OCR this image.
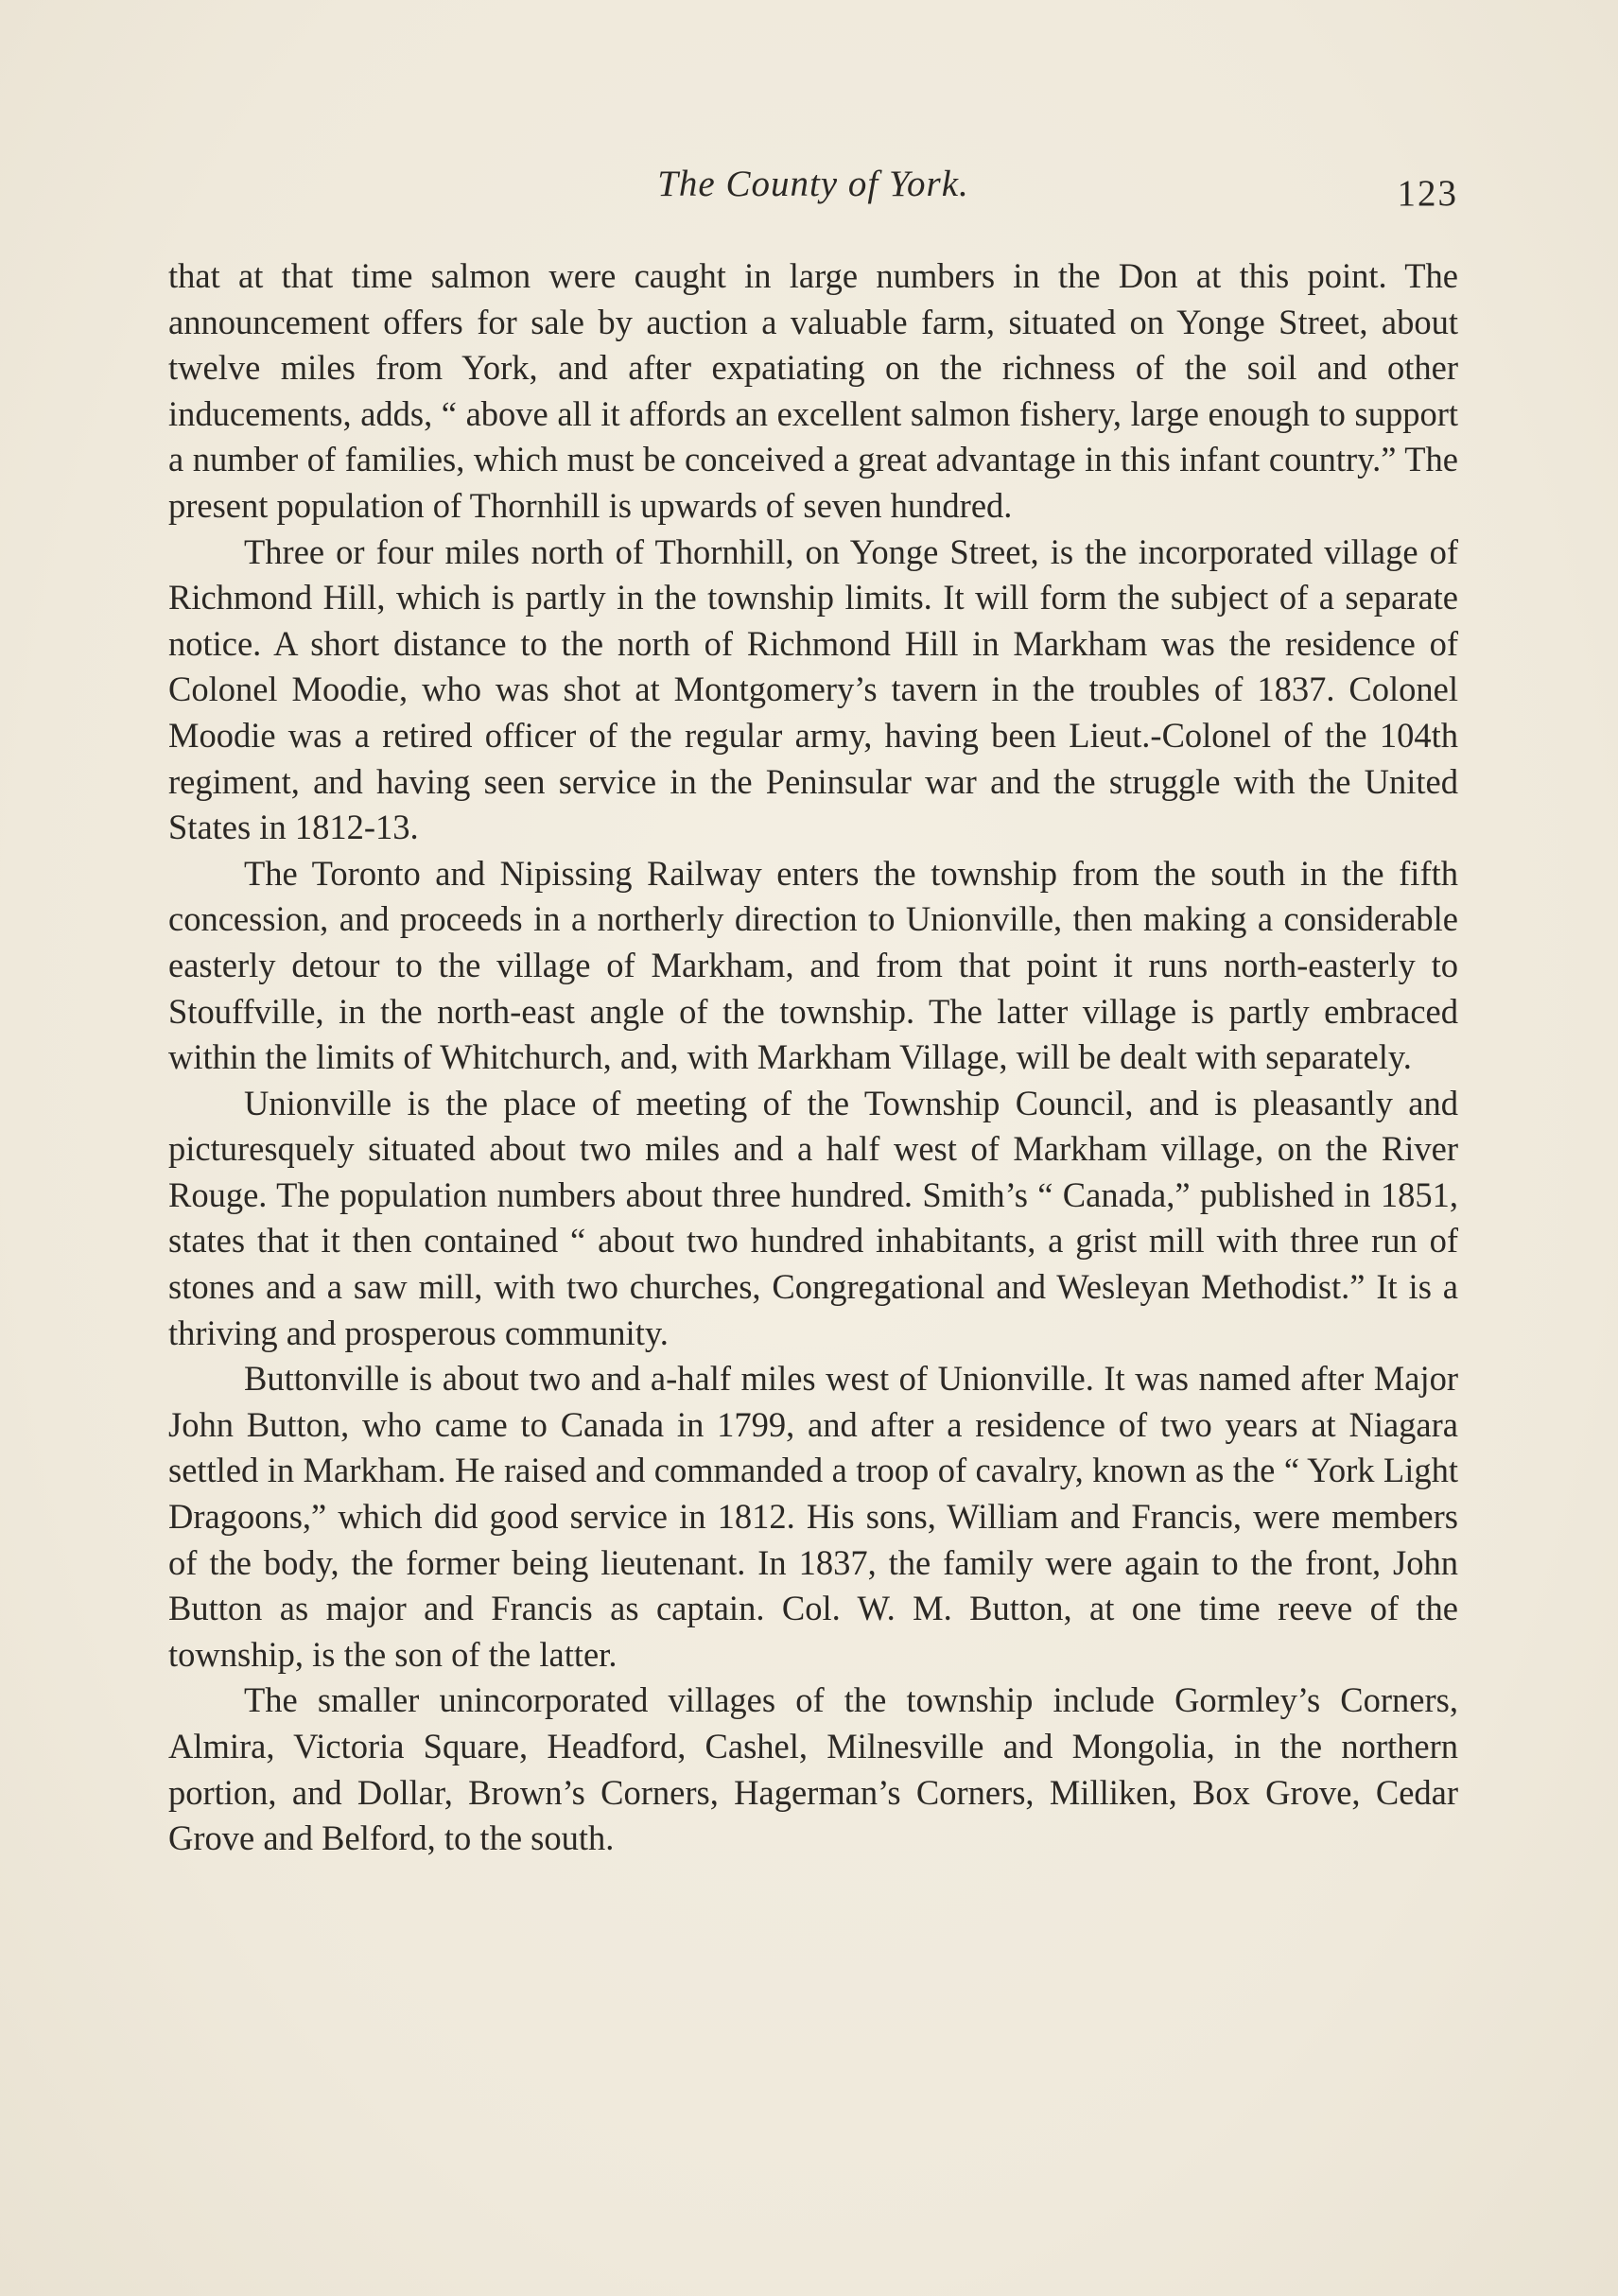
The County of York.	123

that at that time salmon were caught in large numbers in the Don at this point. The announcement offers for sale by auction a valuable farm, situated on Yonge Street, about twelve miles from York, and after expatiating on the richness of the soil and other inducements, adds, “ above all it affords an excellent salmon fishery, large enough to support a number of families, which must be conceived a great advantage in this infant country.” The present population of Thornhill is upwards of seven hundred.

Three or four miles north of Thornhill, on Yonge Street, is the incorporated village of Richmond Hill, which is partly in the township limits. It will form the subject of a separate notice. A short distance to the north of Richmond Hill in Markham was the residence of Colonel Moodie, who was shot at Montgomery’s tavern in the troubles of 1837. Colonel Moodie was a retired officer of the regular army, having been Lieut.-Colonel of the 104th regiment, and having seen service in the Peninsular war and the struggle with the United States in 1812-13.

The Toronto and Nipissing Railway enters the township from the south in the fifth concession, and proceeds in a northerly direction to Unionville, then making a considerable easterly detour to the village of Markham, and from that point it runs north-easterly to Stouffville, in the north-east angle of the township. The latter village is partly embraced within the limits of Whitchurch, and, with Markham Village, will be dealt with separately.

Unionville is the place of meeting of the Township Council, and is pleasantly and picturesquely situated about two miles and a half west of Markham village, on the River Rouge. The population numbers about three hundred. Smith’s “ Canada,” published in 1851, states that it then contained “ about two hundred inhabitants, a grist mill with three run of stones and a saw mill, with two churches, Congregational and Wesleyan Methodist.” It is a thriving and prosperous community.

Buttonville is about two and a-half miles west of Unionville. It was named after Major John Button, who came to Canada in 1799, and after a residence of two years at Niagara settled in Markham. He raised and commanded a troop of cavalry, known as the “ York Light Dragoons,” which did good service in 1812. His sons, William and Francis, were members of the body, the former being lieutenant. In 1837, the family were again to the front, John Button as major and Francis as captain. Col. W. M. Button, at one time reeve of the township, is the son of the latter.

The smaller unincorporated villages of the township include Gormley’s Corners, Almira, Victoria Square, Headford, Cashel, Milnesville and Mongolia, in the northern portion, and Dollar, Brown’s Corners, Hagerman’s Corners, Milliken, Box Grove, Cedar Grove and Belford, to the south.
